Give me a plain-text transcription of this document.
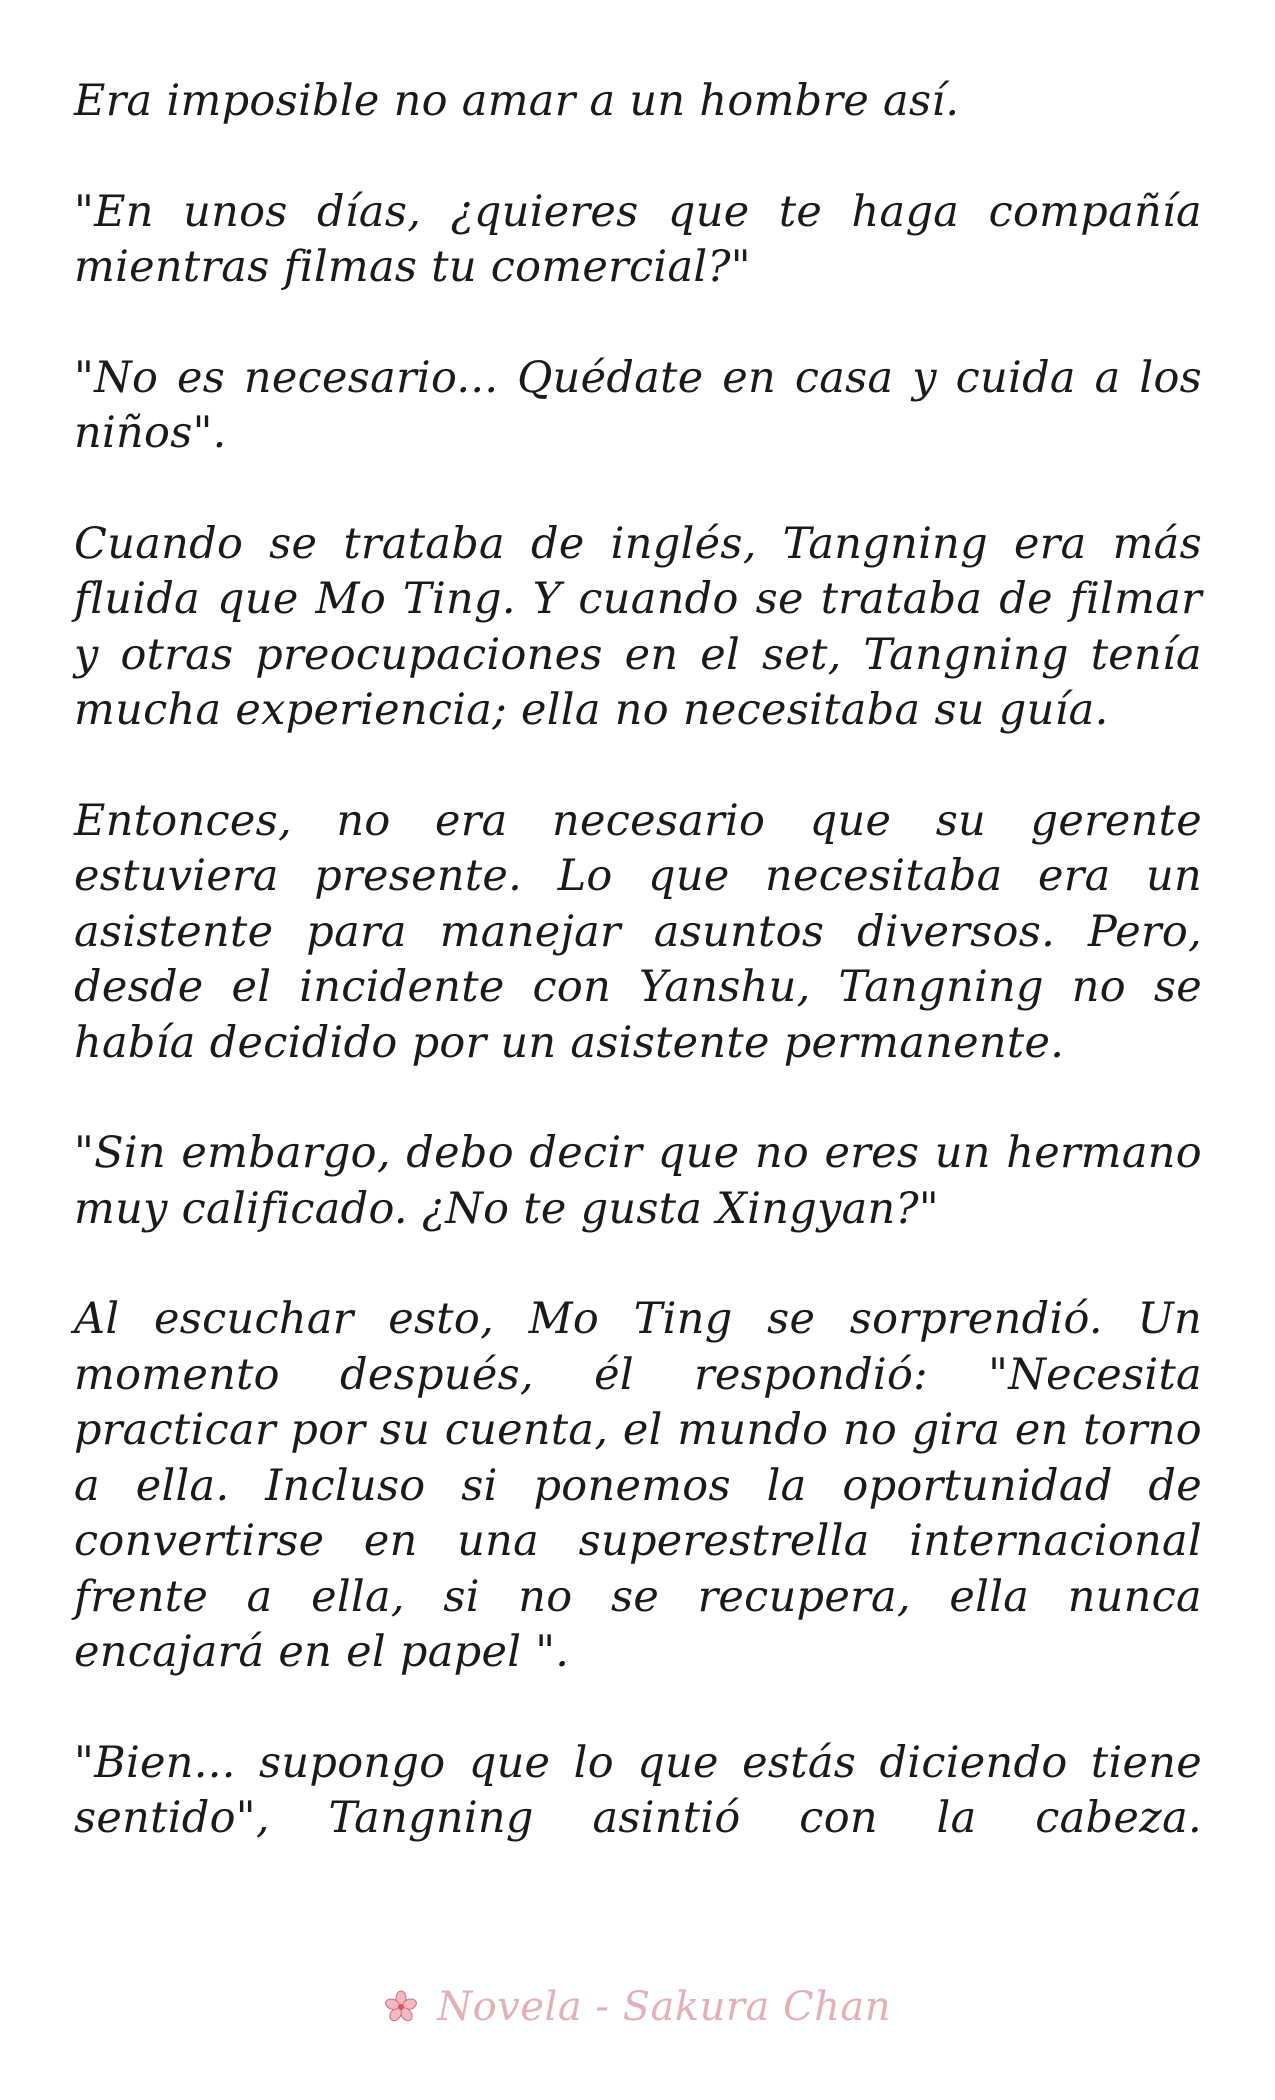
Era imposible no amar a un hombre así.

"En unos días, ¿quieres que te haga compañía mientras filmas tu comercial?"

"No es necesario... Quédate en casa y cuida a los niños".

Cuando se trataba de inglés, Tangning era más fluida que Mo Ting. Y cuando se trataba de filmar y otras preocupaciones en el set, Tangning tenía mucha experiencia; ella no necesitaba su guía.

Entonces, no era necesario que su gerente estuviera presente. Lo que necesitaba era un asistente para manejar asuntos diversos. Pero, desde el incidente con Yanshu, Tangning no se había decidido por un asistente permanente.

"Sin embargo, debo decir que no eres un hermano muy calificado. ¿No te gusta Xingyan?"

Al escuchar esto, Mo Ting se sorprendió. Un momento después, él respondió: "Necesita practicar por su cuenta, el mundo no gira en torno a ella. Incluso si ponemos la oportunidad de convertirse en una superestrella internacional frente a ella, si no se recupera, ella nunca encajará en el papel ".

"Bien... supongo que lo que estás diciendo tiene sentido", Tangning asintió con la cabeza.

Novela - Sakura Chan
